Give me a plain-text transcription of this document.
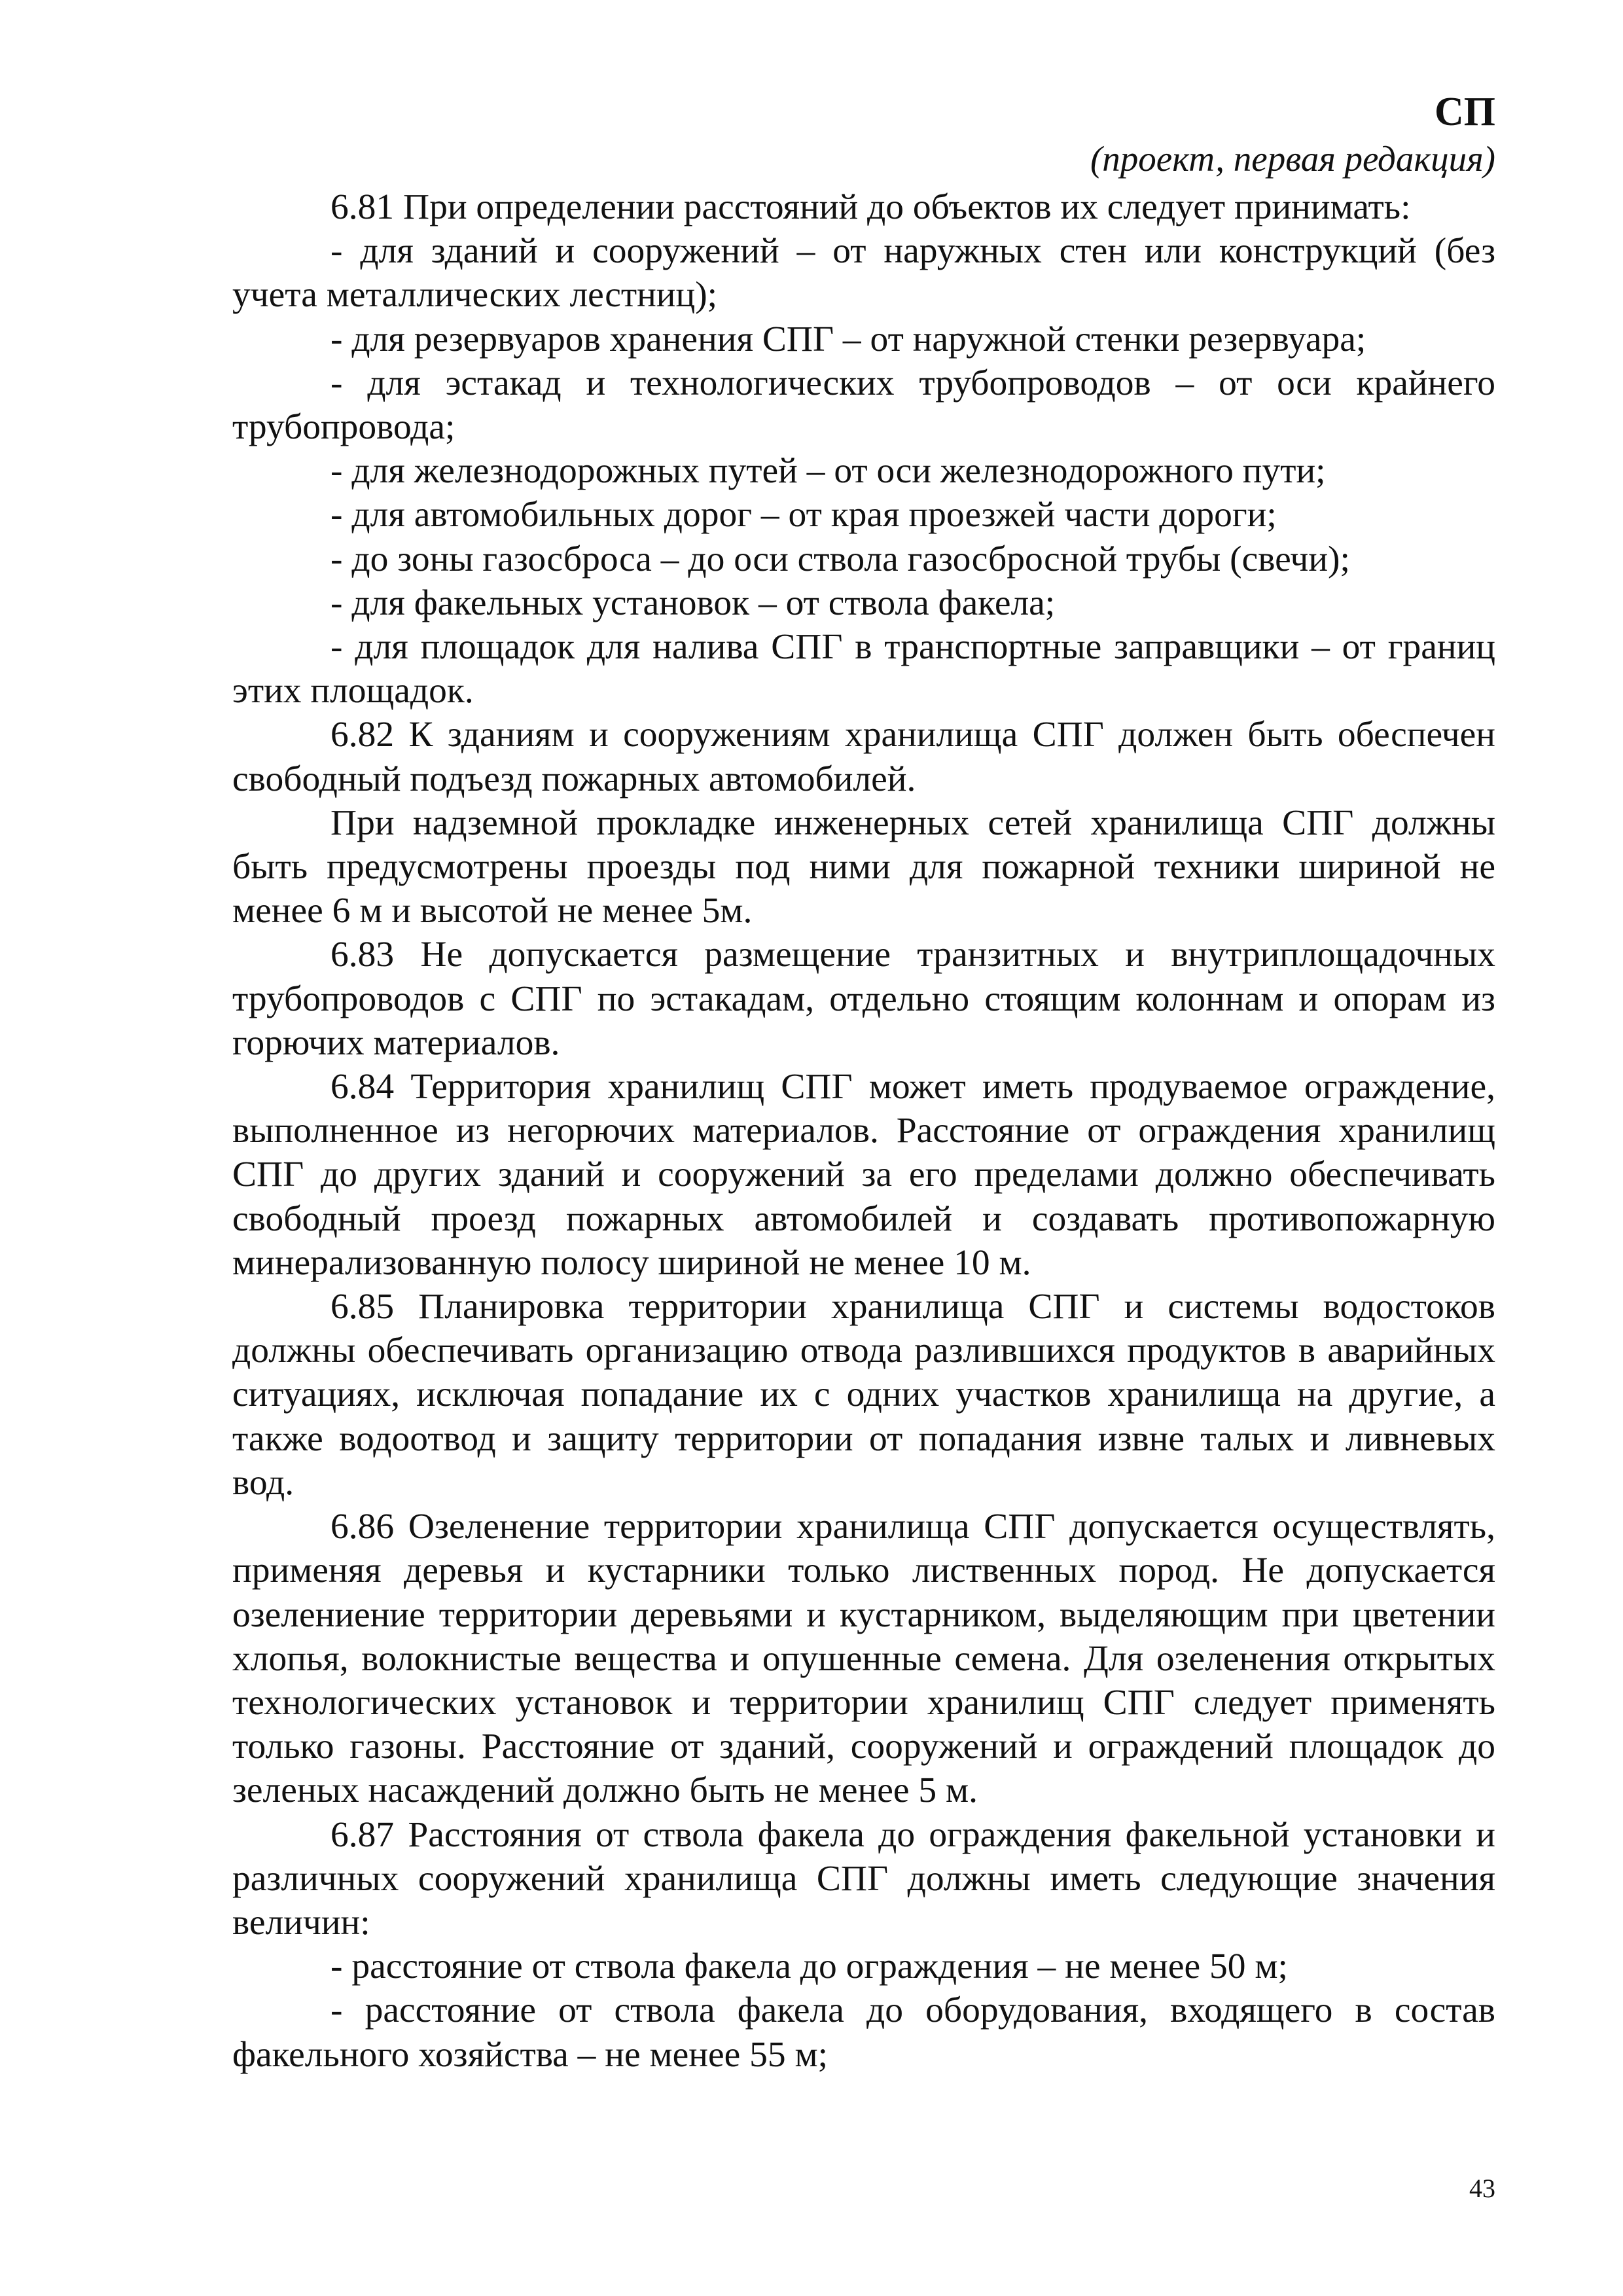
СП
(проект, первая редакция)

6.81 При определении расстояний до объектов их следует принимать:

- для зданий и сооружений – от наружных стен или конструкций (без учета металлических лестниц);

- для резервуаров хранения СПГ – от наружной стенки резервуара;

- для эстакад и технологических трубопроводов – от оси крайнего трубопровода;

- для железнодорожных путей – от оси железнодорожного пути;

- для автомобильных дорог – от края проезжей части дороги;

- до зоны газосброса – до оси ствола газосбросной трубы (свечи);

- для факельных установок – от ствола факела;

- для площадок для налива СПГ в транспортные заправщики – от границ этих площадок.

6.82 К зданиям и сооружениям хранилища СПГ должен быть обеспечен свободный подъезд пожарных автомобилей.

При надземной прокладке инженерных сетей хранилища СПГ должны быть предусмотрены проезды под ними для пожарной техники шириной не менее 6 м и высотой не менее 5м.

6.83 Не допускается размещение транзитных и внутриплощадочных трубопроводов с СПГ по эстакадам, отдельно стоящим колоннам и опорам из горючих материалов.

6.84 Территория хранилищ СПГ может иметь продуваемое ограждение, выполненное из негорючих материалов. Расстояние от ограждения хранилищ СПГ до других зданий и сооружений за его пределами должно обеспечивать свободный проезд пожарных автомобилей и создавать противопожарную минерализованную полосу шириной не менее 10 м.

6.85 Планировка территории хранилища СПГ и системы водостоков должны обеспечивать организацию отвода разлившихся продуктов в аварийных ситуациях, исключая попадание их с одних участков хранилища на другие, а также водоотвод и защиту территории от попадания извне талых и ливневых вод.

6.86 Озеленение территории хранилища СПГ допускается осуществлять, применяя деревья и кустарники только лиственных пород. Не допускается озелениение территории деревьями и кустарником, выделяющим при цветении хлопья, волокнистые вещества и опушенные семена. Для озеленения открытых технологических установок и территории хранилищ СПГ следует применять только газоны. Расстояние от зданий, сооружений и ограждений площадок до зеленых насаждений должно быть не менее 5 м.

6.87 Расстояния от ствола факела до ограждения факельной установки и различных сооружений хранилища СПГ должны иметь следующие значения величин:

- расстояние от ствола факела до ограждения – не менее 50 м;

- расстояние от ствола факела до оборудования, входящего в состав факельного хозяйства – не менее 55 м;

43
